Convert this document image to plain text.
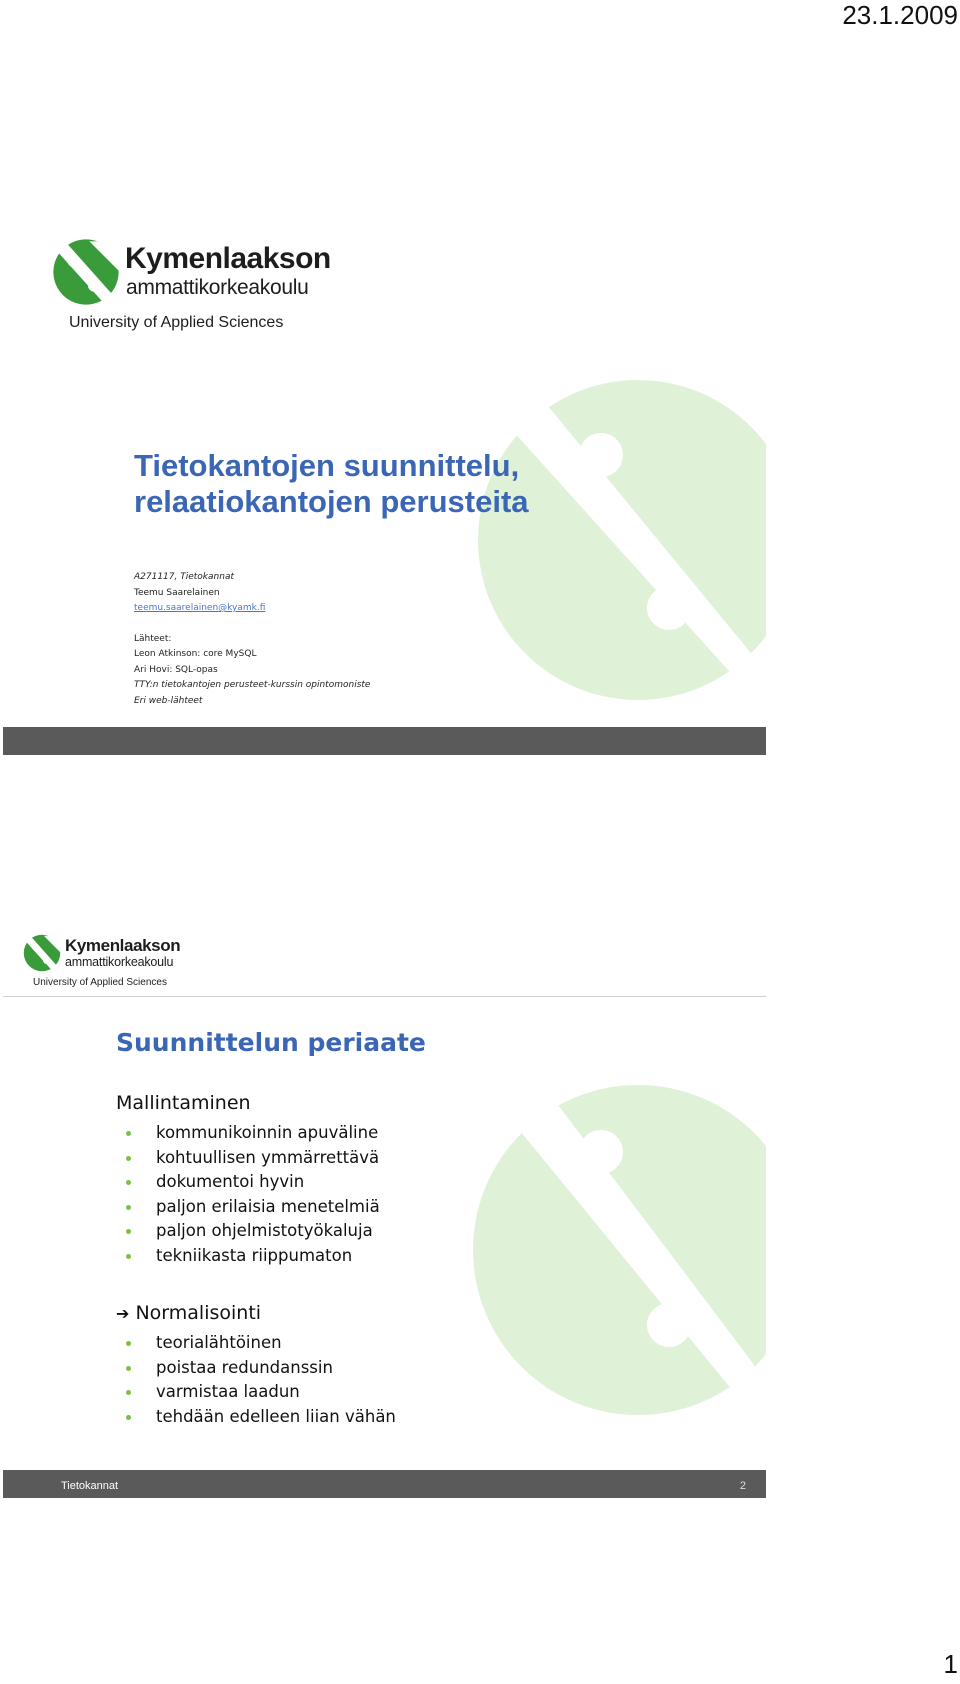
23.1.2009
Tietokantojen suunnittelu,
relaatiokantojen perusteita
A271117, Tietokannat
Teemu Saarelainen
teemu.saarelainen@kyamk.fi
Lähteet:
Leon Atkinson: core MySQL
Ari Hovi: SQL-opas
TTY:n tietokantojen perusteet-kurssin opintomoniste
Eri web-lähteet
Kymenlaakson
ammattikorkeakoulu
University of Applied Sciences
Kymenlaakson
ammattikorkeakoulu
University of Applied Sciences
Suunnittelun periaate
Mallintaminen
kommunikoinnin apuväline
kohtuullisen ymmärrettävä
dokumentoi hyvin
paljon erilaisia menetelmiä
paljon ohjelmistotyökaluja
tekniikasta riippumaton
➔ Normalisointi
teorialähtöinen
poistaa redundanssin
varmistaa laadun
tehdään edelleen liian vähän
Tietokannat	2
1
